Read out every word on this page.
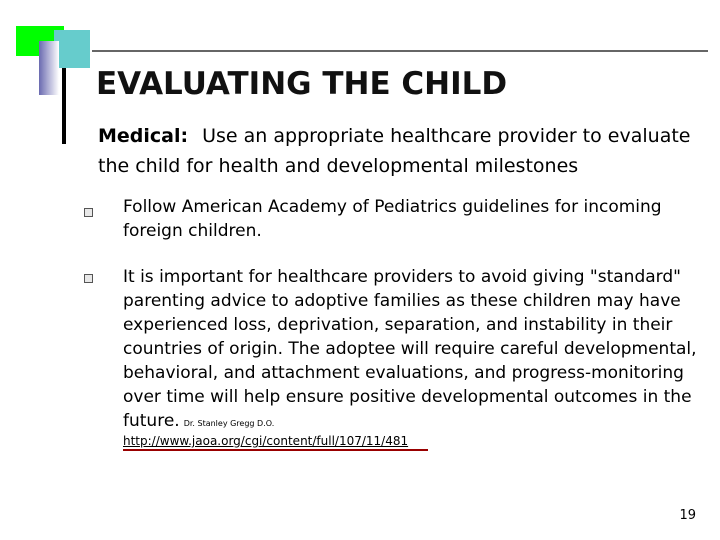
EVALUATING THE CHILD
Medical: Use an appropriate healthcare provider to evaluate the child for health and developmental milestones
Follow American Academy of Pediatrics guidelines for incoming foreign children.
It is important for healthcare providers to avoid giving "standard" parenting advice to adoptive families as these children may have experienced loss, deprivation, separation, and instability in their countries of origin. The adoptee will require careful developmental, behavioral, and attachment evaluations, and progress-monitoring over time will help ensure positive developmental outcomes in the future. Dr. Stanley Gregg D.O.
http://www.jaoa.org/cgi/content/full/107/11/481
19
